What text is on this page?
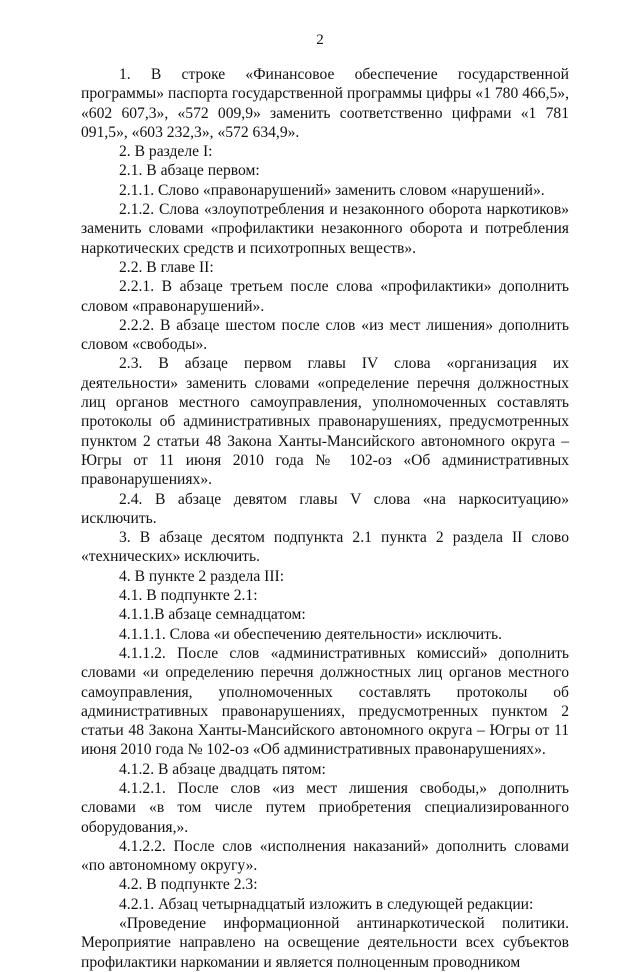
2

1. В строке «Финансовое обеспечение государственной программы» паспорта государственной программы цифры «1 780 466,5», «602 607,3», «572 009,9» заменить соответственно цифрами «1 781 091,5», «603 232,3», «572 634,9».

2. В разделе I:

2.1. В абзаце первом:

2.1.1. Слово «правонарушений» заменить словом «нарушений».

2.1.2. Слова «злоупотребления и незаконного оборота наркотиков» заменить словами «профилактики незаконного оборота и потребления наркотических средств и психотропных веществ».

2.2. В главе II:

2.2.1. В абзаце третьем после слова «профилактики» дополнить словом «правонарушений».

2.2.2. В абзаце шестом после слов «из мест лишения» дополнить словом «свободы».

2.3. В абзаце первом главы IV слова «организация их деятельности» заменить словами «определение перечня должностных лиц органов местного самоуправления, уполномоченных составлять протоколы об административных правонарушениях, предусмотренных пунктом 2 статьи 48 Закона Ханты-Мансийского автономного округа – Югры от 11 июня 2010 года № 102-оз «Об административных правонарушениях».

2.4. В абзаце девятом главы V слова «на наркоситуацию» исключить.

3. В абзаце десятом подпункта 2.1 пункта 2 раздела II слово «технических» исключить.

4. В пункте 2 раздела III:

4.1. В подпункте 2.1:

4.1.1.В абзаце семнадцатом:

4.1.1.1. Слова «и обеспечению деятельности» исключить.

4.1.1.2. После слов «административных комиссий» дополнить словами «и определению перечня должностных лиц органов местного самоуправления, уполномоченных составлять протоколы об административных правонарушениях, предусмотренных пунктом 2 статьи 48 Закона Ханты-Мансийского автономного округа – Югры от 11 июня 2010 года № 102-оз «Об административных правонарушениях».

4.1.2. В абзаце двадцать пятом:

4.1.2.1. После слов «из мест лишения свободы,» дополнить словами «в том числе путем приобретения специализированного оборудования,».

4.1.2.2. После слов «исполнения наказаний» дополнить словами «по автономному округу».

4.2. В подпункте 2.3:

4.2.1. Абзац четырнадцатый изложить в следующей редакции:

«Проведение информационной антинаркотической политики. Мероприятие направлено на освещение деятельности всех субъектов профилактики наркомании и является полноценным проводником
